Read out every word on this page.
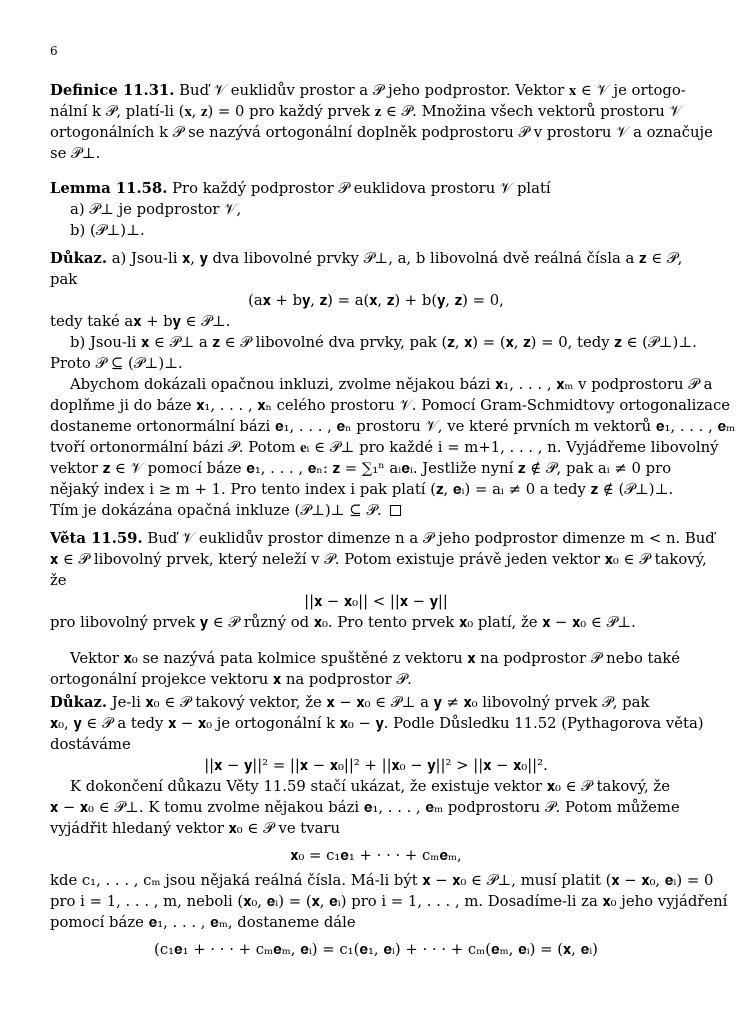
6
Definice 11.31. Buď 𝒱 euklidův prostor a 𝒫 jeho podprostor. Vektor 𝐱 ∈ 𝒱 je ortogo-
nální k 𝒫, platí-li (𝐱, 𝐳) = 0 pro každý prvek 𝐳 ∈ 𝒫. Množina všech vektorů prostoru 𝒱
ortogonálních k 𝒫 se nazývá ortogonální doplněk podprostoru 𝒫 v prostoru 𝒱 a označuje
se 𝒫⊥.
Lemma 11.58. Pro každý podprostor 𝒫 euklidova prostoru 𝒱 platí
a) 𝒫⊥ je podprostor 𝒱,
b) (𝒫⊥)⊥.
Důkaz. a) Jsou-li 𝐱, 𝐲 dva libovolné prvky 𝒫⊥, a, b libovolná dvě reálná čísla a 𝐳 ∈ 𝒫,
pak
(a𝐱 + b𝐲, 𝐳) = a(𝐱, 𝐳) + b(𝐲, 𝐳) = 0,
tedy také a𝐱 + b𝐲 ∈ 𝒫⊥.
b) Jsou-li 𝐱 ∈ 𝒫⊥ a 𝐳 ∈ 𝒫 libovolné dva prvky, pak (𝐳, 𝐱) = (𝐱, 𝐳) = 0, tedy 𝐳 ∈ (𝒫⊥)⊥.
Proto 𝒫 ⊆ (𝒫⊥)⊥.
Abychom dokázali opačnou inkluzi, zvolme nějakou bázi 𝐱₁, . . . , 𝐱ₘ v podprostoru 𝒫 a
doplňme ji do báze 𝐱₁, . . . , 𝐱ₙ celého prostoru 𝒱. Pomocí Gram-Schmidtovy ortogonalizace
dostaneme ortonormální bázi 𝐞₁, . . . , 𝐞ₙ prostoru 𝒱, ve které prvních m vektorů 𝐞₁, . . . , 𝐞ₘ
tvoří ortonormální bázi 𝒫. Potom 𝐞ᵢ ∈ 𝒫⊥ pro každé i = m+1, . . . , n. Vyjádřeme libovolný
vektor 𝐳 ∈ 𝒱 pomocí báze 𝐞₁, . . . , 𝐞ₙ: 𝐳 = ∑₁ⁿ aᵢ𝐞ᵢ. Jestliže nyní 𝐳 ∉ 𝒫, pak aᵢ ≠ 0 pro
nějaký index i ≥ m + 1. Pro tento index i pak platí (𝐳, 𝐞ᵢ) = aᵢ ≠ 0 a tedy 𝐳 ∉ (𝒫⊥)⊥.
Tím je dokázána opačná inkluze (𝒫⊥)⊥ ⊆ 𝒫.
Věta 11.59. Buď 𝒱 euklidův prostor dimenze n a 𝒫 jeho podprostor dimenze m < n. Buď
𝐱 ∈ 𝒫 libovolný prvek, který neleží v 𝒫. Potom existuje právě jeden vektor 𝐱₀ ∈ 𝒫 takový,
že
||𝐱 − 𝐱₀|| < ||𝐱 − 𝐲||
pro libovolný prvek 𝐲 ∈ 𝒫 různý od 𝐱₀. Pro tento prvek 𝐱₀ platí, že 𝐱 − 𝐱₀ ∈ 𝒫⊥.
Vektor 𝐱₀ se nazývá pata kolmice spuštěné z vektoru 𝐱 na podprostor 𝒫 nebo také
ortogonální projekce vektoru 𝐱 na podprostor 𝒫.
Důkaz. Je-li 𝐱₀ ∈ 𝒫 takový vektor, že 𝐱 − 𝐱₀ ∈ 𝒫⊥ a 𝐲 ≠ 𝐱₀ libovolný prvek 𝒫, pak
𝐱₀, 𝐲 ∈ 𝒫 a tedy 𝐱 − 𝐱₀ je ortogonální k 𝐱₀ − 𝐲. Podle Důsledku 11.52 (Pythagorova věta)
dostáváme
||𝐱 − 𝐲||² = ||𝐱 − 𝐱₀||² + ||𝐱₀ − 𝐲||² > ||𝐱 − 𝐱₀||².
K dokončení důkazu Věty 11.59 stačí ukázat, že existuje vektor 𝐱₀ ∈ 𝒫 takový, že
𝐱 − 𝐱₀ ∈ 𝒫⊥. K tomu zvolme nějakou bázi 𝐞₁, . . . , 𝐞ₘ podprostoru 𝒫. Potom můžeme
vyjádřit hledaný vektor 𝐱₀ ∈ 𝒫 ve tvaru
𝐱₀ = c₁𝐞₁ + · · · + cₘ𝐞ₘ,
kde c₁, . . . , cₘ jsou nějaká reálná čísla. Má-li být 𝐱 − 𝐱₀ ∈ 𝒫⊥, musí platit (𝐱 − 𝐱₀, 𝐞ᵢ) = 0
pro i = 1, . . . , m, neboli (𝐱₀, 𝐞ᵢ) = (𝐱, 𝐞ᵢ) pro i = 1, . . . , m. Dosadíme-li za 𝐱₀ jeho vyjádření
pomocí báze 𝐞₁, . . . , 𝐞ₘ, dostaneme dále
(c₁𝐞₁ + · · · + cₘ𝐞ₘ, 𝐞ᵢ) = c₁(𝐞₁, 𝐞ᵢ) + · · · + cₘ(𝐞ₘ, 𝐞ᵢ) = (𝐱, 𝐞ᵢ)
